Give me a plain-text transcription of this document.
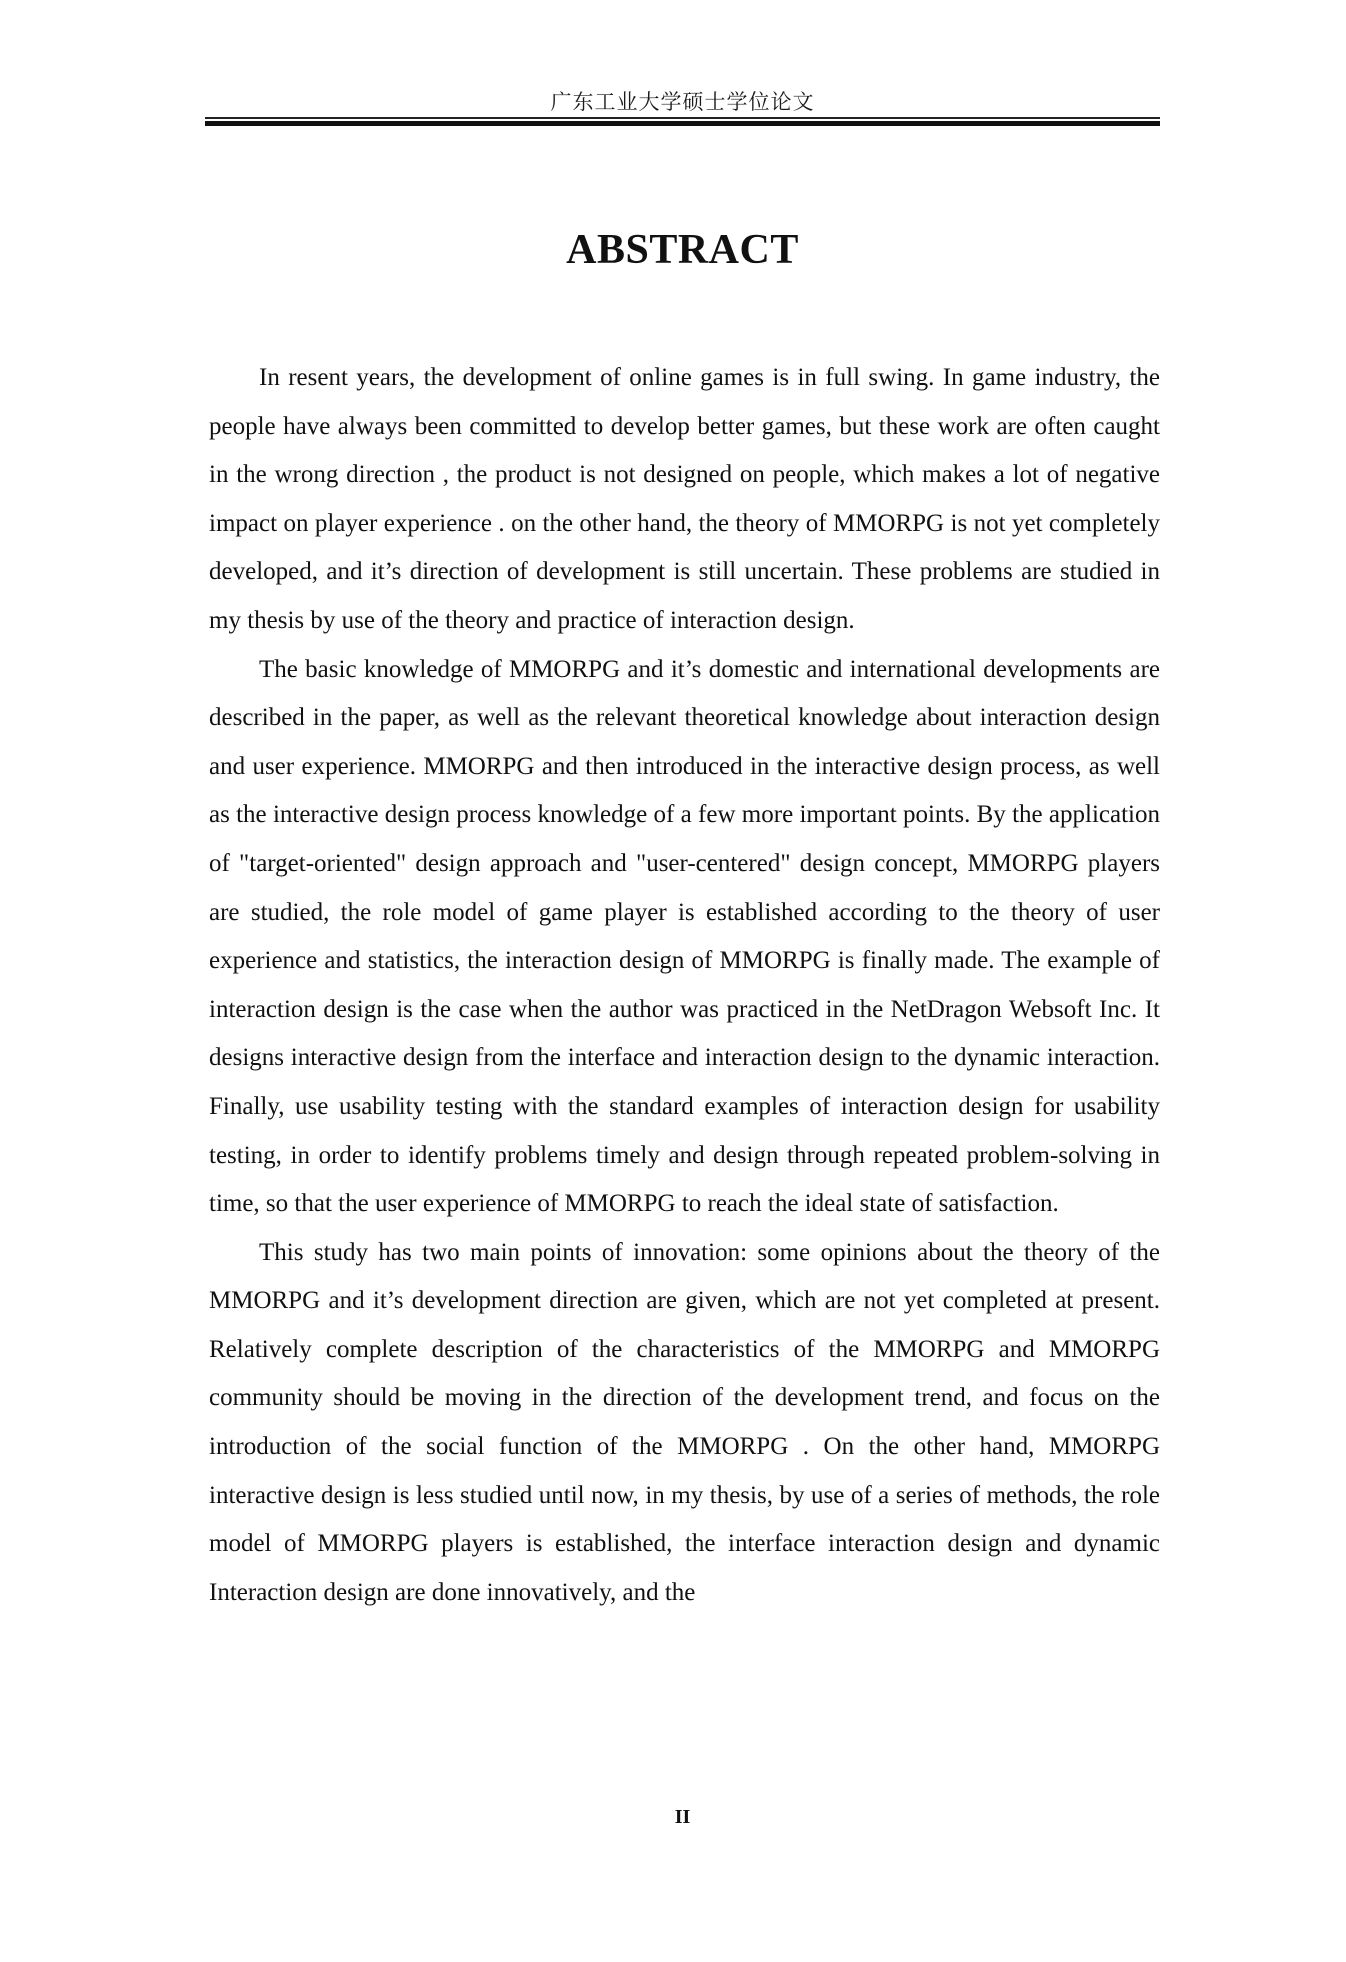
广东工业大学硕士学位论文
ABSTRACT

In resent years, the development of online games is in full swing. In game industry, the people have always been committed to develop better games, but these work are often caught in the wrong direction , the product is not designed on people, which makes a lot of negative impact on player experience . on the other hand, the theory of MMORPG is not yet completely developed, and it’s direction of development is still uncertain. These problems are studied in my thesis by use of the theory and practice of interaction design.

The basic knowledge of MMORPG and it’s domestic and international developments are described in the paper, as well as the relevant theoretical knowledge about interaction design and user experience. MMORPG and then introduced in the interactive design process, as well as the interactive design process knowledge of a few more important points. By the application of "target-oriented" design approach and "user-centered" design concept, MMORPG players are studied, the role model of game player is established according to the theory of user experience and statistics, the interaction design of MMORPG is finally made. The example of interaction design is the case when the author was practiced in the NetDragon Websoft Inc. It designs interactive design from the interface and interaction design to the dynamic interaction. Finally, use usability testing with the standard examples of interaction design for usability testing, in order to identify problems timely and design through repeated problem-solving in time, so that the user experience of MMORPG to reach the ideal state of satisfaction.

This study has two main points of innovation: some opinions about the theory of the MMORPG and it’s development direction are given, which are not yet completed at present. Relatively complete description of the characteristics of the MMORPG and MMORPG community should be moving in the direction of the development trend, and focus on the introduction of the social function of the MMORPG . On the other hand, MMORPG interactive design is less studied until now, in my thesis, by use of a series of methods, the role model of MMORPG players is established, the interface interaction design and dynamic Interaction design are done innovatively, and the

II
